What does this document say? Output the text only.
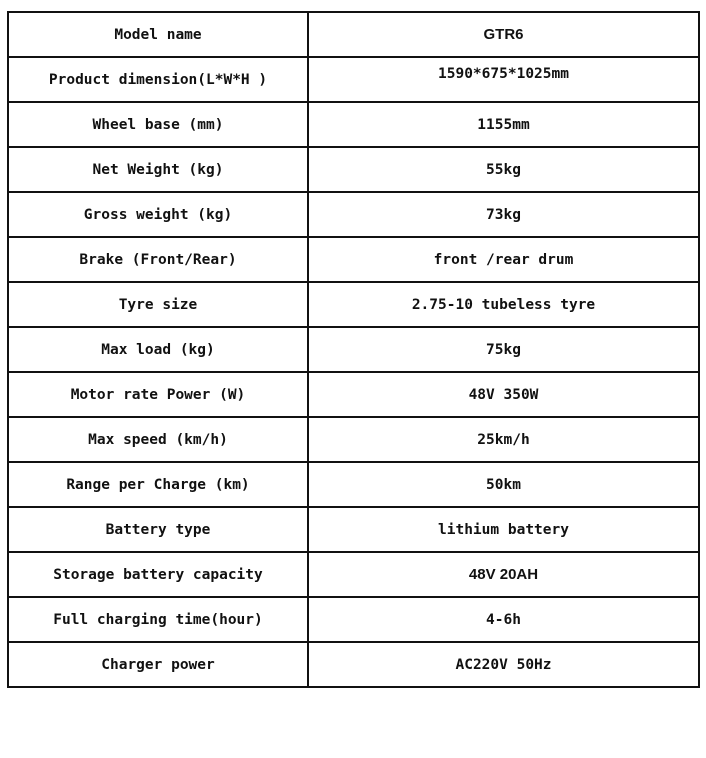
Model name	GTR6
Product dimension(L*W*H )	1590*675*1025mm
Wheel base (mm)	1155mm
Net Weight (kg)	55kg
Gross weight (kg)	73kg
Brake (Front/Rear)	front /rear drum
Tyre size	2.75-10 tubeless tyre
Max load (kg)	75kg
Motor rate Power (W)	48V 350W
Max speed (km/h)	25km/h
Range per Charge (km)	50km
Battery type	lithium battery
Storage battery capacity	48V 20AH
Full charging time(hour)	4-6h
Charger power	AC220V 50Hz
